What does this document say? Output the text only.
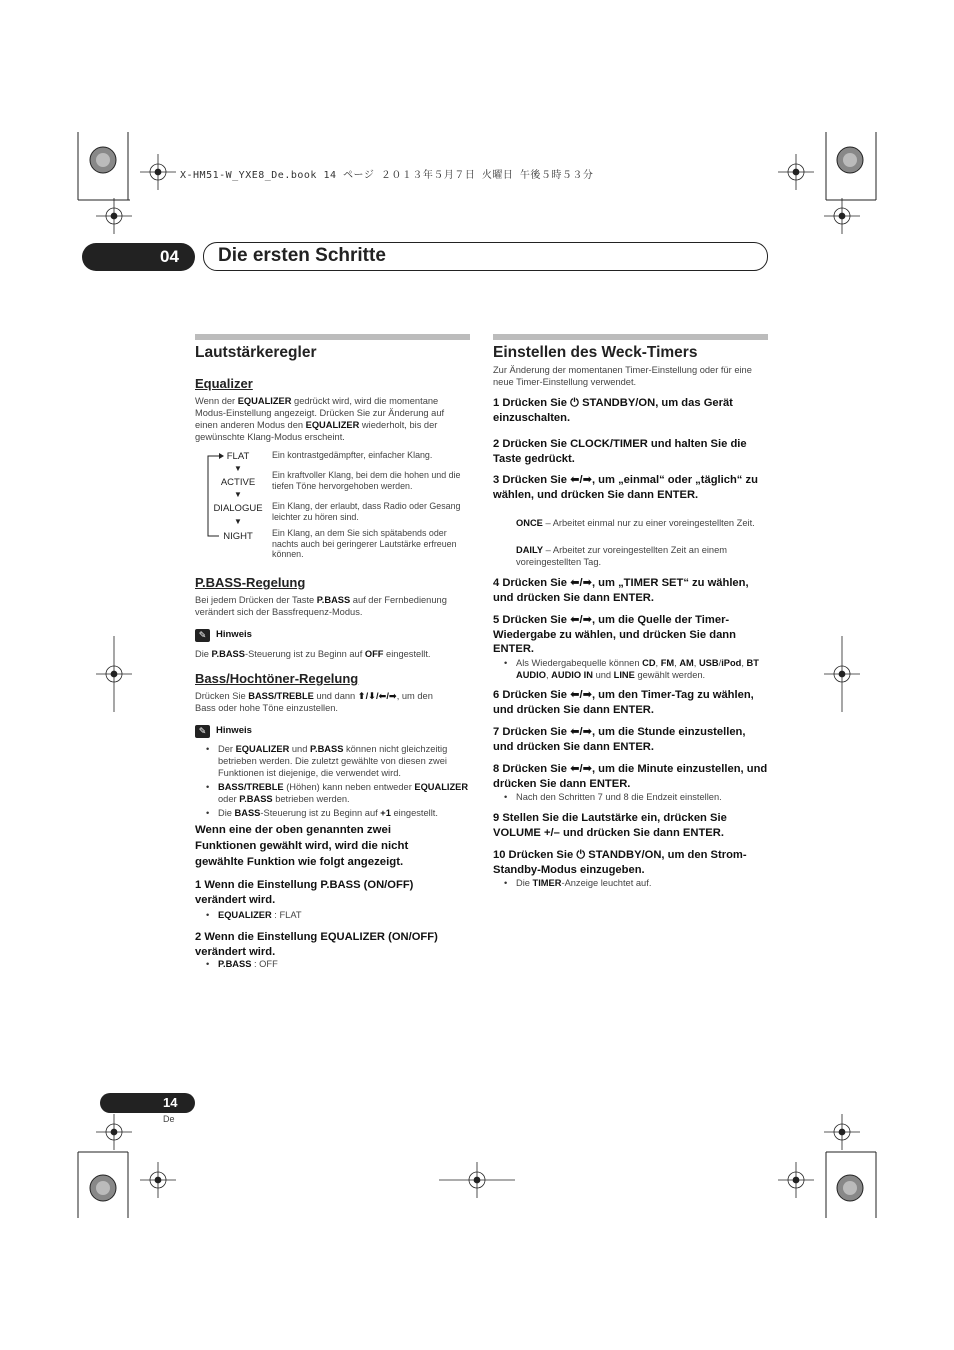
X-HM51-W_YXE8_De.book 14 ページ ２０１３年５月７日 火曜日 午後５時５３分
04 Die ersten Schritte
Lautstärkeregler
Equalizer
Wenn der EQUALIZER gedrückt wird, wird die momentane
Modus-Einstellung angezeigt. Drücken Sie zur Änderung auf
einen anderen Modus den EQUALIZER wiederholt, bis der
gewünschte Klang-Modus erscheint.
FLAT
▼
ACTIVE
▼
DIALOGUE
▼
NIGHT
Ein kontrastgedämpfter, einfacher Klang.
Ein kraftvoller Klang, bei dem die hohen und die tiefen Töne hervorgehoben werden.
Ein Klang, der erlaubt, dass Radio oder Gesang leichter zu hören sind.
Ein Klang, an dem Sie sich spätabends oder nachts auch bei geringerer Lautstärke erfreuen können.
P.BASS-Regelung
Bei jedem Drücken der Taste P.BASS auf der Fernbedienung
verändert sich der Bassfrequenz-Modus.
✎	Hinweis
Die P.BASS-Steuerung ist zu Beginn auf OFF eingestellt.
Bass/Hochtöner-Regelung
Drücken Sie BASS/TREBLE und dann ⬆/⬇/⬅/➡, um den
Bass oder hohe Töne einzustellen.
✎	Hinweis
• Der EQUALIZER und P.BASS können nicht gleichzeitig betrieben werden. Die zuletzt gewählte von diesen zwei Funktionen ist diejenige, die verwendet wird.
• BASS/TREBLE (Höhen) kann neben entweder EQUALIZER oder P.BASS betrieben werden.
• Die BASS-Steuerung ist zu Beginn auf +1 eingestellt.
Wenn eine der oben genannten zwei Funktionen gewählt wird, wird die nicht gewählte Funktion wie folgt angezeigt.
1 Wenn die Einstellung P.BASS (ON/OFF) verändert wird.
• EQUALIZER : FLAT
2 Wenn die Einstellung EQUALIZER (ON/OFF) verändert wird.
• P.BASS : OFF
Einstellen des Weck-Timers
Zur Änderung der momentanen Timer-Einstellung oder für eine neue Timer-Einstellung verwendet.
1 Drücken Sie ⏻ STANDBY/ON, um das Gerät einzuschalten.
2 Drücken Sie CLOCK/TIMER und halten Sie die Taste gedrückt.
3 Drücken Sie ⬅/➡, um „einmal“ oder „täglich“ zu wählen, und drücken Sie dann ENTER.
ONCE – Arbeitet einmal nur zu einer voreingestellten Zeit.
DAILY – Arbeitet zur voreingestellten Zeit an einem voreingestellten Tag.
4 Drücken Sie ⬅/➡, um „TIMER SET“ zu wählen, und drücken Sie dann ENTER.
5 Drücken Sie ⬅/➡, um die Quelle der Timer-Wiedergabe zu wählen, und drücken Sie dann ENTER.
• Als Wiedergabequelle können CD, FM, AM, USB/iPod, BT AUDIO, AUDIO IN und LINE gewählt werden.
6 Drücken Sie ⬅/➡, um den Timer-Tag zu wählen, und drücken Sie dann ENTER.
7 Drücken Sie ⬅/➡, um die Stunde einzustellen, und drücken Sie dann ENTER.
8 Drücken Sie ⬅/➡, um die Minute einzustellen, und drücken Sie dann ENTER.
• Nach den Schritten 7 und 8 die Endzeit einstellen.
9 Stellen Sie die Lautstärke ein, drücken Sie VOLUME +/– und drücken Sie dann ENTER.
10 Drücken Sie ⏻ STANDBY/ON, um den Strom-Standby-Modus einzugeben.
• Die TIMER-Anzeige leuchtet auf.
14
De
